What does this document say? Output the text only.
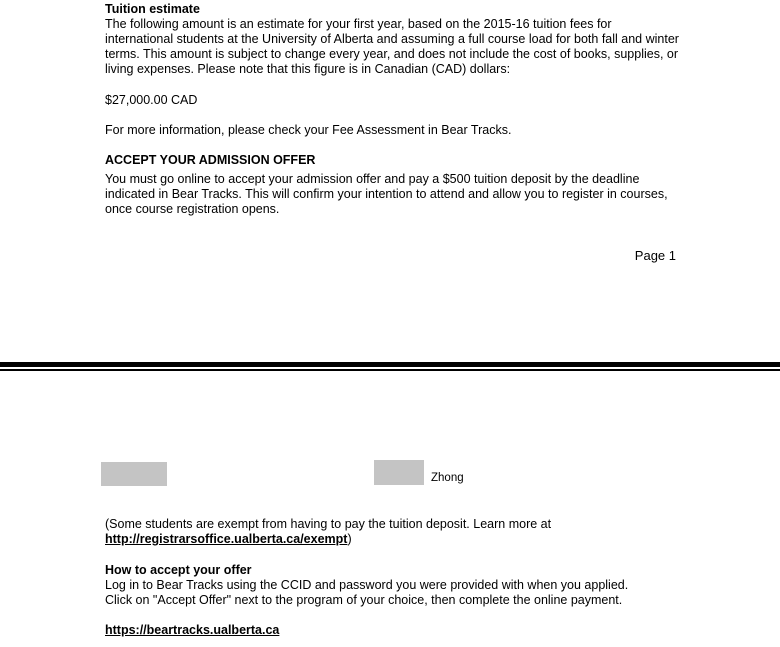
Tuition estimate

The following amount is an estimate for your first year, based on the 2015-16 tuition fees for international students at the University of Alberta and assuming a full course load for both fall and winter terms. This amount is subject to change every year, and does not include the cost of books, supplies, or living expenses. Please note that this figure is in Canadian (CAD) dollars:

$27,000.00 CAD
For more information, please check your Fee Assessment in Bear Tracks.
ACCEPT YOUR ADMISSION OFFER

You must go online to accept your admission offer and pay a $500 tuition deposit by the deadline indicated in Bear Tracks. This will confirm your intention to attend and allow you to register in courses, once course registration opens.

Page 1
Zhong

(Some students are exempt from having to pay the tuition deposit. Learn more at
http://registrarsoffice.ualberta.ca/exempt)

How to accept your offer
Log in to Bear Tracks using the CCID and password you were provided with when you applied.
Click on "Accept Offer" next to the program of your choice, then complete the online payment.
https://beartracks.ualberta.ca
